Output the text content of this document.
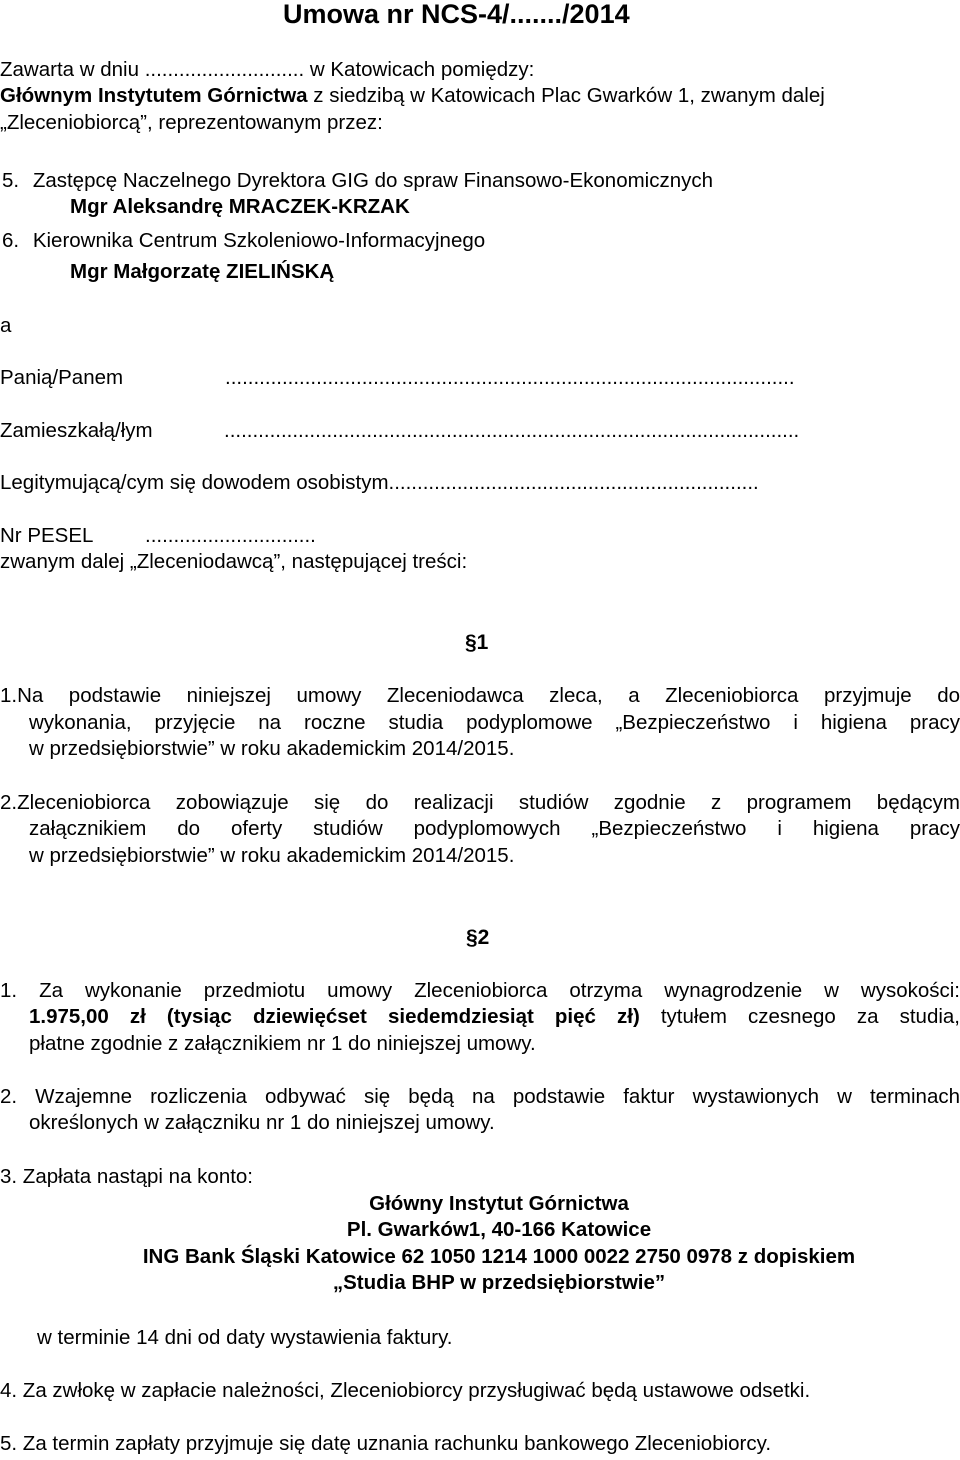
Umowa nr NCS-4/......./2014
Zawarta w dniu ............................ w Katowicach pomiędzy:
Głównym Instytutem Górnictwa z siedzibą w Katowicach Plac Gwarków 1, zwanym dalej
„Zleceniobiorcą”, reprezentowanym przez:
5. Zastępcę Naczelnego Dyrektora GIG do spraw Finansowo-Ekonomicznych
Mgr Aleksandrę MRACZEK-KRZAK
6. Kierownika Centrum Szkoleniowo-Informacyjnego
Mgr Małgorzatę ZIELIŃSKĄ
a
Panią/Panem	....................................................................................................
Zamieszkałą/łym	.....................................................................................................
Legitymującą/cym się dowodem osobistym.................................................................
Nr PESEL	..............................
zwanym dalej „Zleceniodawcą”, następującej treści:
§1
1.Na podstawie niniejszej umowy Zleceniodawca zleca, a Zleceniobiorca przyjmuje do
wykonania, przyjęcie na roczne studia podyplomowe „Bezpieczeństwo i higiena pracy
w przedsiębiorstwie” w roku akademickim 2014/2015.
2.Zleceniobiorca zobowiązuje się do realizacji studiów zgodnie z programem będącym
załącznikiem do oferty studiów podyplomowych „Bezpieczeństwo i higiena pracy
w przedsiębiorstwie” w roku akademickim 2014/2015.
§2
1. Za wykonanie przedmiotu umowy Zleceniobiorca otrzyma wynagrodzenie w wysokości:
1.975,00 zł (tysiąc dziewięćset siedemdziesiąt pięć zł) tytułem czesnego za studia,
płatne zgodnie z załącznikiem nr 1 do niniejszej umowy.
2. Wzajemne rozliczenia odbywać się będą na podstawie faktur wystawionych w terminach
określonych w załączniku nr 1 do niniejszej umowy.
3. Zapłata nastąpi na konto:
Główny Instytut Górnictwa
Pl. Gwarków1, 40-166 Katowice
ING Bank Śląski Katowice 62 1050 1214 1000 0022 2750 0978 z dopiskiem
„Studia BHP w przedsiębiorstwie”
w terminie 14 dni od daty wystawienia faktury.
4. Za zwłokę w zapłacie należności, Zleceniobiorcy przysługiwać będą ustawowe odsetki.
5. Za termin zapłaty przyjmuje się datę uznania rachunku bankowego Zleceniobiorcy.
